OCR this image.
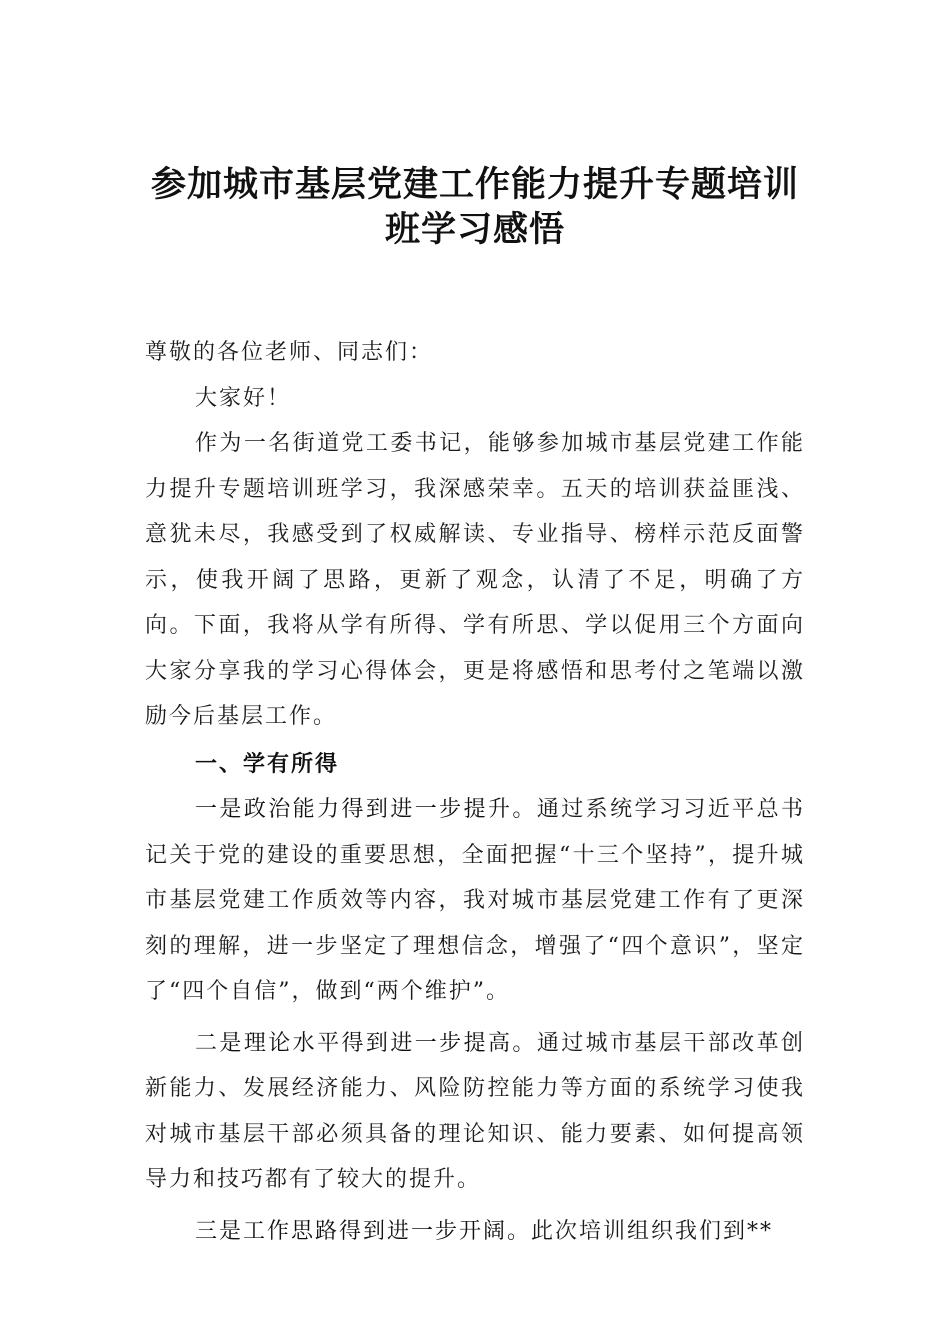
参加城市基层党建工作能力提升专题培训
班学习感悟

尊敬的各位老师、同志们：

大家好！

作为一名街道党工委书记，能够参加城市基层党建工作能力提升专题培训班学习，我深感荣幸。五天的培训获益匪浅、意犹未尽，我感受到了权威解读、专业指导、榜样示范反面警示，使我开阔了思路，更新了观念，认清了不足，明确了方向。下面，我将从学有所得、学有所思、学以促用三个方面向大家分享我的学习心得体会，更是将感悟和思考付之笔端以激励今后基层工作。

一、学有所得

一是政治能力得到进一步提升。通过系统学习习近平总书记关于党的建设的重要思想，全面把握“十三个坚持”，提升城市基层党建工作质效等内容，我对城市基层党建工作有了更深刻的理解，进一步坚定了理想信念，增强了“四个意识”，坚定了“四个自信”，做到“两个维护”。

二是理论水平得到进一步提高。通过城市基层干部改革创新能力、发展经济能力、风险防控能力等方面的系统学习使我对城市基层干部必须具备的理论知识、能力要素、如何提高领导力和技巧都有了较大的提升。

三是工作思路得到进一步开阔。此次培训组织我们到**
